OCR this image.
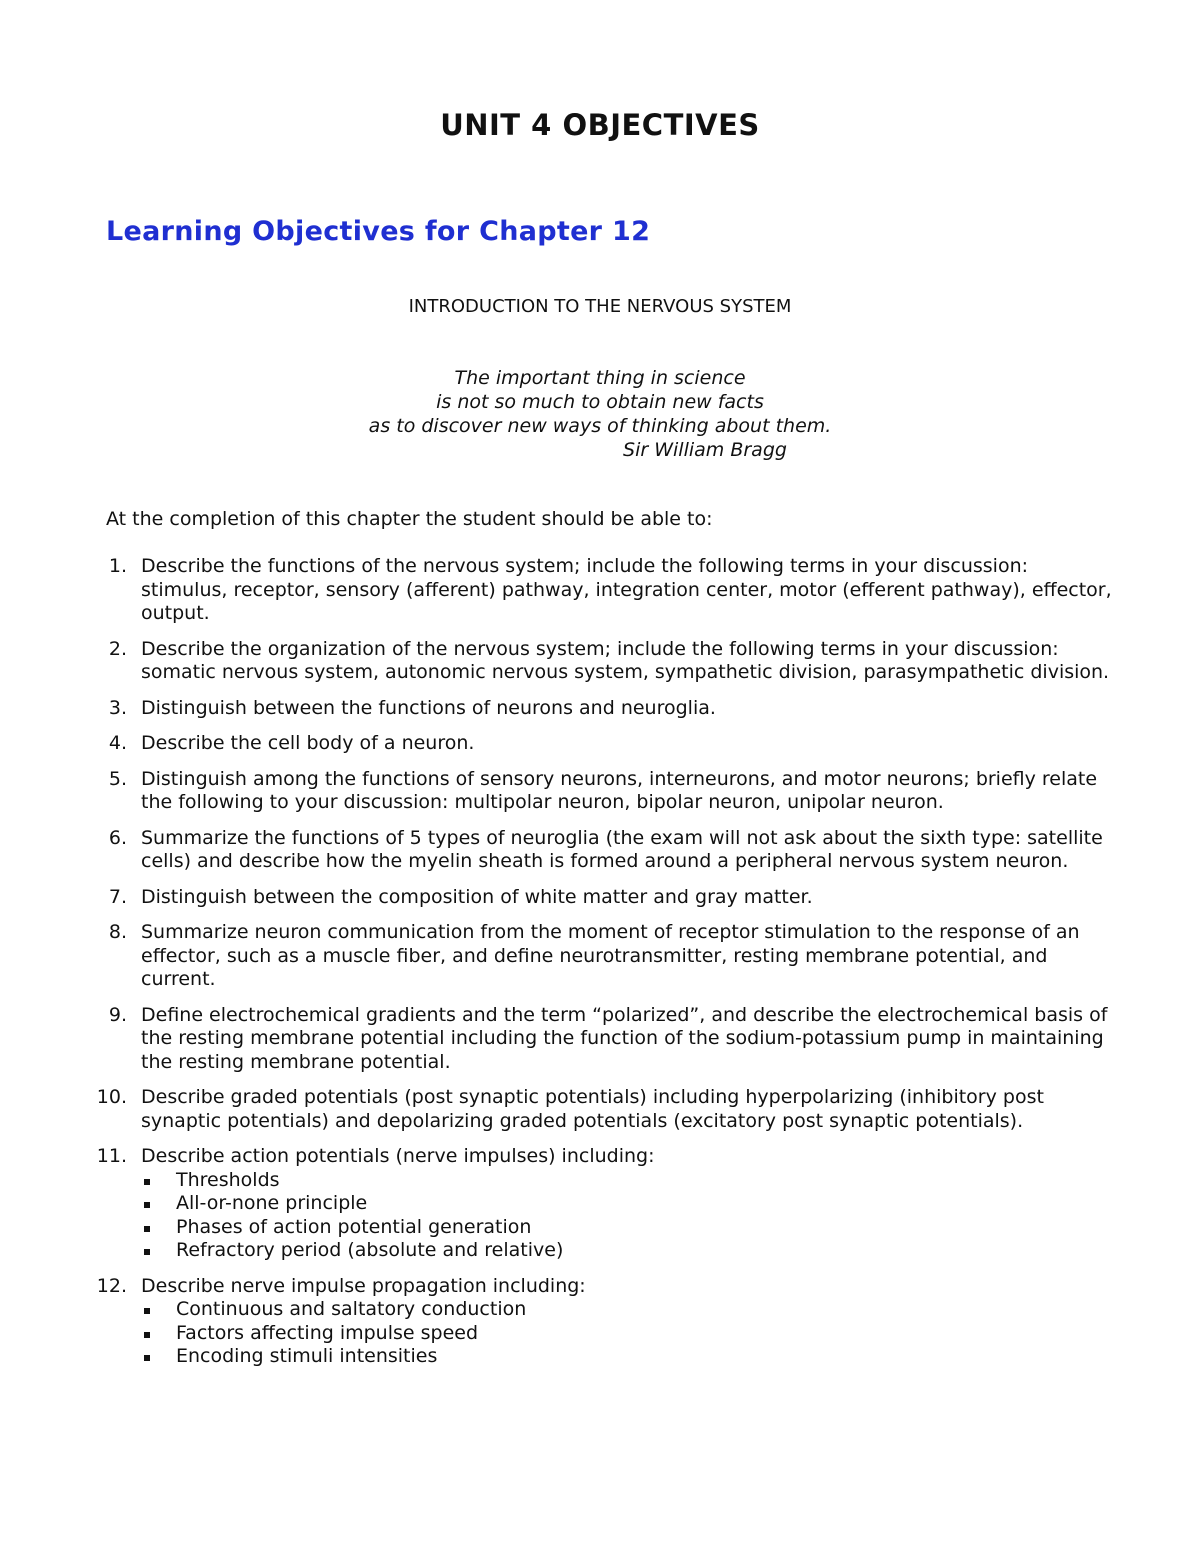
UNIT 4 OBJECTIVES
Learning Objectives for Chapter 12

INTRODUCTION TO THE NERVOUS SYSTEM

The important thing in science
is not so much to obtain new facts
as to discover new ways of thinking about them.
Sir William Bragg

At the completion of this chapter the student should be able to:

1. Describe the functions of the nervous system; include the following terms in your discussion: stimulus, receptor, sensory (afferent) pathway, integration center, motor (efferent pathway), effector, output.
2. Describe the organization of the nervous system; include the following terms in your discussion: somatic nervous system, autonomic nervous system, sympathetic division, parasympathetic division.
3. Distinguish between the functions of neurons and neuroglia.
4. Describe the cell body of a neuron.
5. Distinguish among the functions of sensory neurons, interneurons, and motor neurons; briefly relate the following to your discussion: multipolar neuron, bipolar neuron, unipolar neuron.
6. Summarize the functions of 5 types of neuroglia (the exam will not ask about the sixth type: satellite cells) and describe how the myelin sheath is formed around a peripheral nervous system neuron.
7. Distinguish between the composition of white matter and gray matter.
8. Summarize neuron communication from the moment of receptor stimulation to the response of an effector, such as a muscle fiber, and define neurotransmitter, resting membrane potential, and current.
9. Define electrochemical gradients and the term “polarized”, and describe the electrochemical basis of the resting membrane potential including the function of the sodium-potassium pump in maintaining the resting membrane potential.
10. Describe graded potentials (post synaptic potentials) including hyperpolarizing (inhibitory post synaptic potentials) and depolarizing graded potentials (excitatory post synaptic potentials).
11. Describe action potentials (nerve impulses) including:
Thresholds
All-or-none principle
Phases of action potential generation
Refractory period (absolute and relative)
12. Describe nerve impulse propagation including:
Continuous and saltatory conduction
Factors affecting impulse speed
Encoding stimuli intensities
